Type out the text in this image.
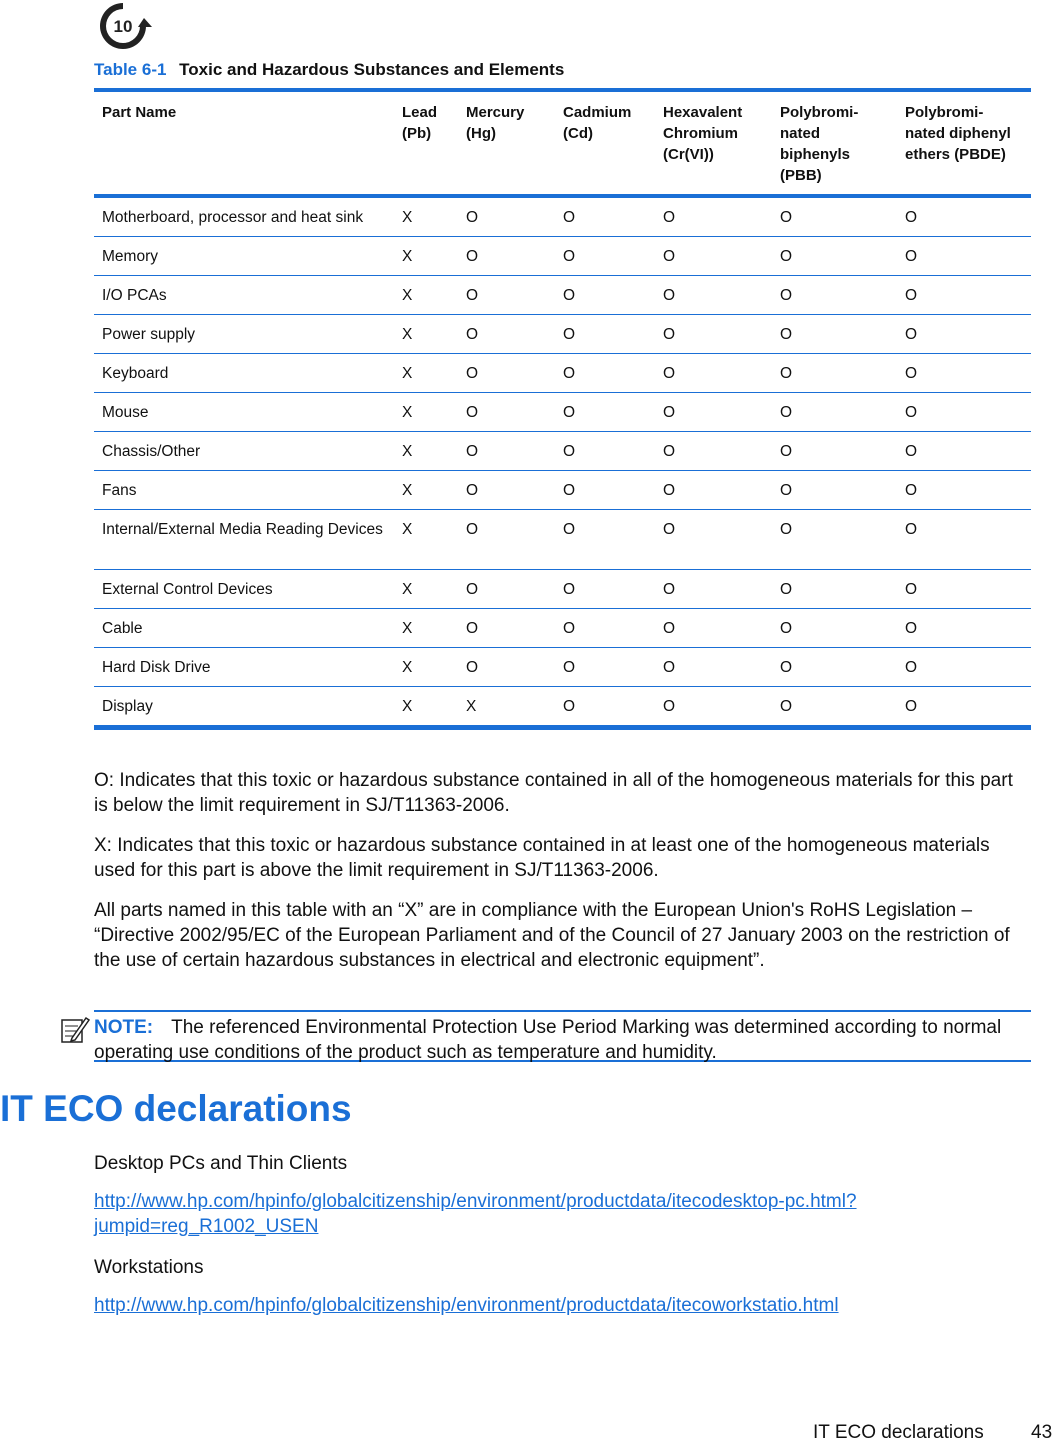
10
Table 6-1 Toxic and Hazardous Substances and Elements
Part Name	Lead (Pb)	Mercury (Hg)	Cadmium (Cd)	Hexavalent Chromium (Cr(VI))	Polybromi-nated biphenyls (PBB)	Polybromi-nated diphenyl ethers (PBDE)
Motherboard, processor and heat sink	X	O	O	O	O	O
Memory	X	O	O	O	O	O
I/O PCAs	X	O	O	O	O	O
Power supply	X	O	O	O	O	O
Keyboard	X	O	O	O	O	O
Mouse	X	O	O	O	O	O
Chassis/Other	X	O	O	O	O	O
Fans	X	O	O	O	O	O
Internal/External Media Reading Devices	X	O	O	O	O	O
External Control Devices	X	O	O	O	O	O
Cable	X	O	O	O	O	O
Hard Disk Drive	X	O	O	O	O	O
Display	X	X	O	O	O	O

O: Indicates that this toxic or hazardous substance contained in all of the homogeneous materials for this part is below the limit requirement in SJ/T11363-2006.

X: Indicates that this toxic or hazardous substance contained in at least one of the homogeneous materials used for this part is above the limit requirement in SJ/T11363-2006.

All parts named in this table with an “X” are in compliance with the European Union's RoHS Legislation – “Directive 2002/95/EC of the European Parliament and of the Council of 27 January 2003 on the restriction of the use of certain hazardous substances in electrical and electronic equipment”.

NOTE: The referenced Environmental Protection Use Period Marking was determined according to normal operating use conditions of the product such as temperature and humidity.

IT ECO declarations

Desktop PCs and Thin Clients

http://www.hp.com/hpinfo/globalcitizenship/environment/productdata/itecodesktop-pc.html?
jumpid=reg_R1002_USEN

Workstations

http://www.hp.com/hpinfo/globalcitizenship/environment/productdata/itecoworkstatio.html

IT ECO declarations 43
